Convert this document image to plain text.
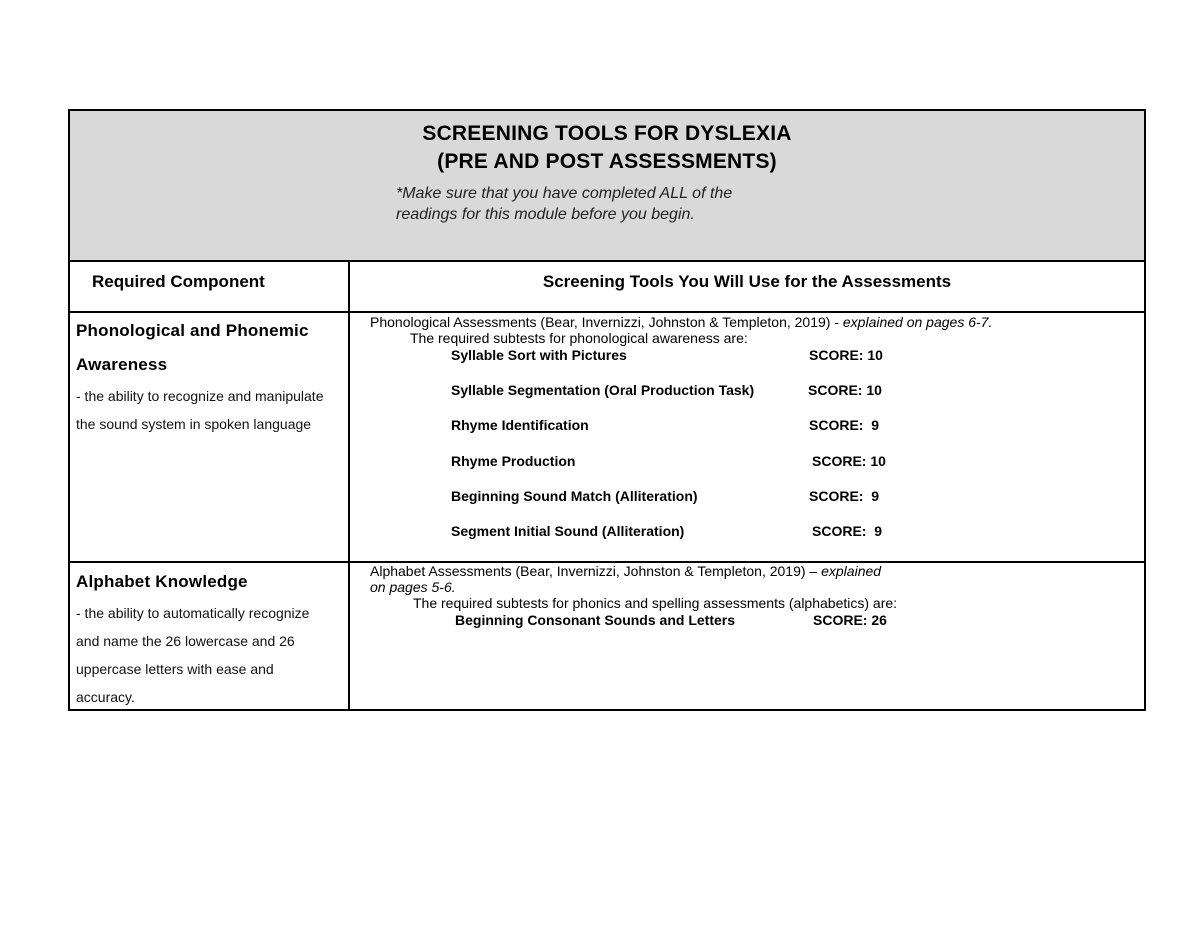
SCREENING TOOLS FOR DYSLEXIA
(PRE AND POST ASSESSMENTS)
*Make sure that you have completed ALL of the
readings for this module before you begin.
Required Component	Screening Tools You Will Use for the Assessments
Phonological and Phonemic
Awareness
- the ability to recognize and manipulate
the sound system in spoken language
Phonological Assessments (Bear, Invernizzi, Johnston & Templeton, 2019) - explained on pages 6-7.
The required subtests for phonological awareness are:
Syllable Sort with Pictures	SCORE: 10
Syllable Segmentation (Oral Production Task)	SCORE: 10
Rhyme Identification	SCORE:  9
Rhyme Production	SCORE: 10
Beginning Sound Match (Alliteration)	SCORE:  9
Segment Initial Sound (Alliteration)	SCORE:  9
Alphabet Knowledge
- the ability to automatically recognize
and name the 26 lowercase and 26
uppercase letters with ease and
accuracy.
Alphabet Assessments (Bear, Invernizzi, Johnston & Templeton, 2019) – explained
on pages 5-6.
The required subtests for phonics and spelling assessments (alphabetics) are:
Beginning Consonant Sounds and Letters	SCORE: 26
